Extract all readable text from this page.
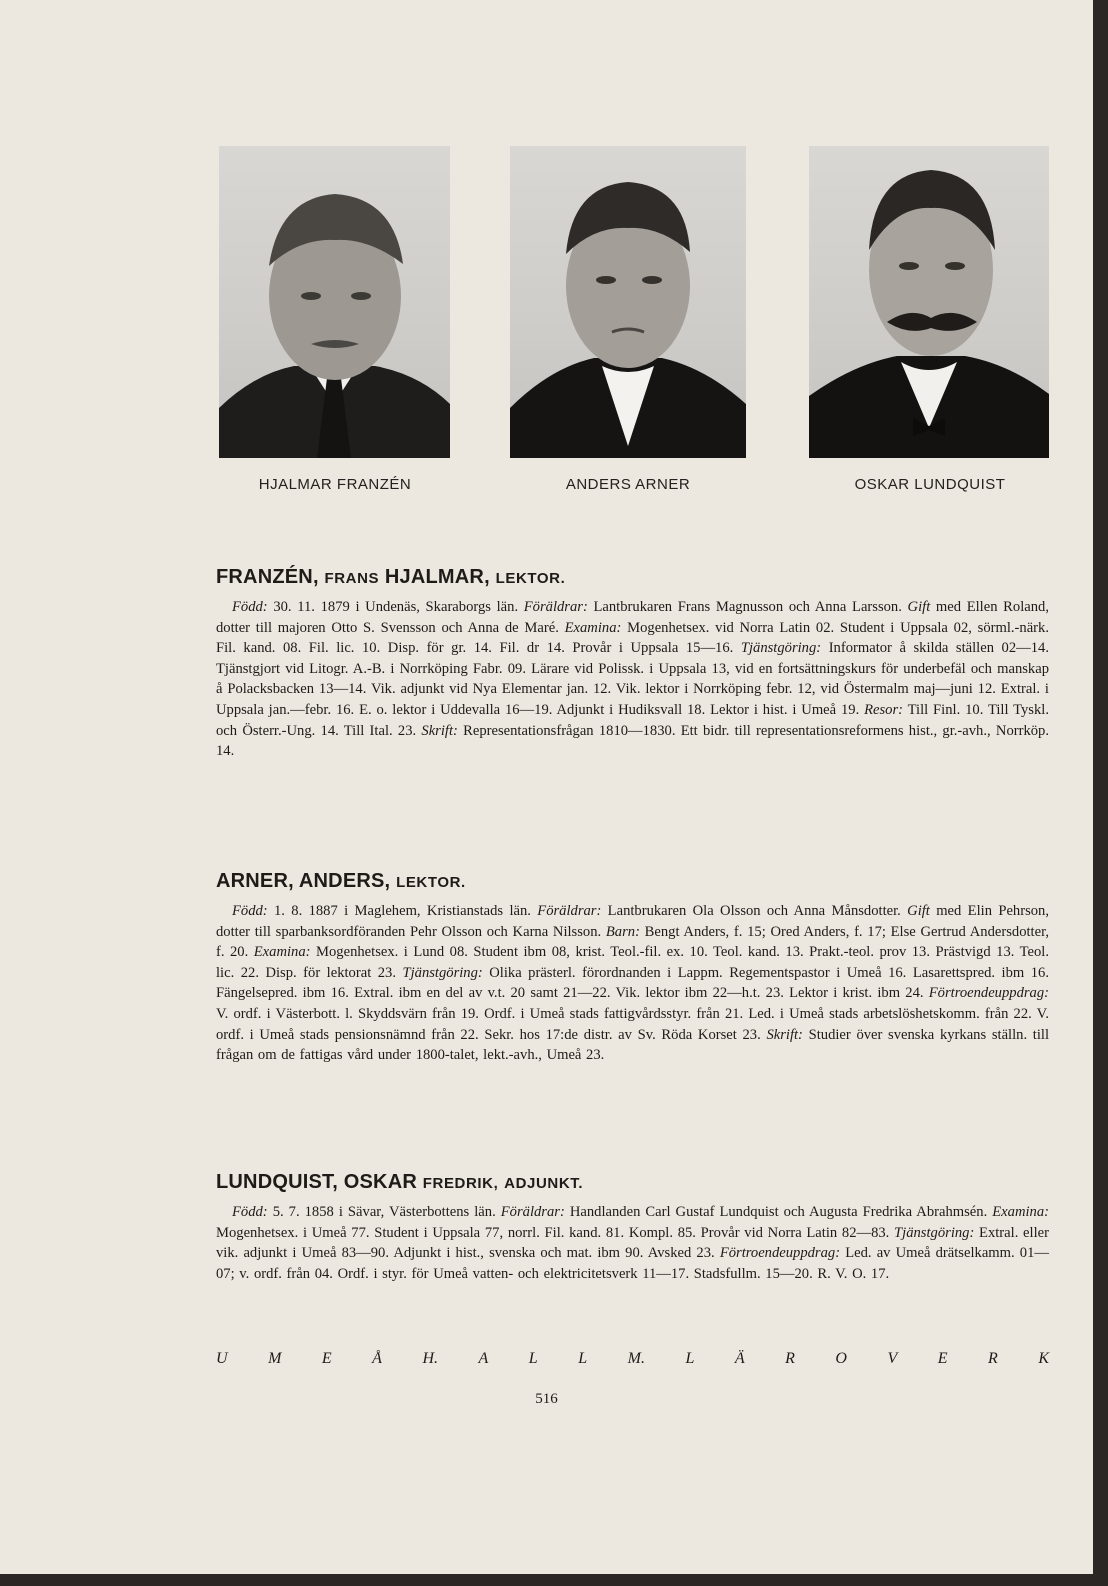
HJALMAR FRANZÉN	ANDERS ARNER	OSKAR LUNDQUIST
FRANZÉN, FRANS HJALMAR, LEKTOR.

Född: 30. 11. 1879 i Undenäs, Skaraborgs län. Föräldrar: Lantbrukaren Frans Magnusson och Anna Larsson. Gift med Ellen Roland, dotter till majoren Otto S. Svensson och Anna de Maré. Examina: Mogenhetsex. vid Norra Latin 02. Student i Uppsala 02, sörml.-närk. Fil. kand. 08. Fil. lic. 10. Disp. för gr. 14. Fil. dr 14. Provår i Uppsala 15—16. Tjänstgöring: Informator å skilda ställen 02—14. Tjänstgjort vid Litogr. A.-B. i Norrköping Fabr. 09. Lärare vid Polissk. i Uppsala 13, vid en fortsättningskurs för underbefäl och manskap å Polacksbacken 13—14. Vik. adjunkt vid Nya Elementar jan. 12. Vik. lektor i Norrköping febr. 12, vid Östermalm maj—juni 12. Extral. i Uppsala jan.—febr. 16. E. o. lektor i Uddevalla 16—19. Adjunkt i Hudiksvall 18. Lektor i hist. i Umeå 19. Resor: Till Finl. 10. Till Tyskl. och Österr.-Ung. 14. Till Ital. 23. Skrift: Representationsfrågan 1810—1830. Ett bidr. till representationsreformens hist., gr.-avh., Norrköp. 14.

ARNER, ANDERS, LEKTOR.

Född: 1. 8. 1887 i Maglehem, Kristianstads län. Föräldrar: Lantbrukaren Ola Olsson och Anna Månsdotter. Gift med Elin Pehrson, dotter till sparbanksordföranden Pehr Olsson och Karna Nilsson. Barn: Bengt Anders, f. 15; Ored Anders, f. 17; Else Gertrud Andersdotter, f. 20. Examina: Mogenhetsex. i Lund 08. Student ibm 08, krist. Teol.-fil. ex. 10. Teol. kand. 13. Prakt.-teol. prov 13. Prästvigd 13. Teol. lic. 22. Disp. för lektorat 23. Tjänstgöring: Olika prästerl. förordnanden i Lappm. Regementspastor i Umeå 16. Lasarettspred. ibm 16. Fängelsepred. ibm 16. Extral. ibm en del av v.t. 20 samt 21—22. Vik. lektor ibm 22—h.t. 23. Lektor i krist. ibm 24. Förtroendeuppdrag: V. ordf. i Västerbott. l. Skyddsvärn från 19. Ordf. i Umeå stads fattigvårdsstyr. från 21. Led. i Umeå stads arbetslöshetskomm. från 22. V. ordf. i Umeå stads pensionsnämnd från 22. Sekr. hos 17:de distr. av Sv. Röda Korset 23. Skrift: Studier över svenska kyrkans ställn. till frågan om de fattigas vård under 1800-talet, lekt.-avh., Umeå 23.

LUNDQUIST, OSKAR FREDRIK, ADJUNKT.

Född: 5. 7. 1858 i Sävar, Västerbottens län. Föräldrar: Handlanden Carl Gustaf Lundquist och Augusta Fredrika Abrahmsén. Examina: Mogenhetsex. i Umeå 77. Student i Uppsala 77, norrl. Fil. kand. 81. Kompl. 85. Provår vid Norra Latin 82—83. Tjänstgöring: Extral. eller vik. adjunkt i Umeå 83—90. Adjunkt i hist., svenska och mat. ibm 90. Avsked 23. Förtroendeuppdrag: Led. av Umeå drätselkamm. 01—07; v. ordf. från 04. Ordf. i styr. för Umeå vatten- och elektricitetsverk 11—17. Stadsfullm. 15—20. R. V. O. 17.

U	M	E	Å	H.	A	L	L	M.	L	Ä	R	O	V	E	R	K
516
